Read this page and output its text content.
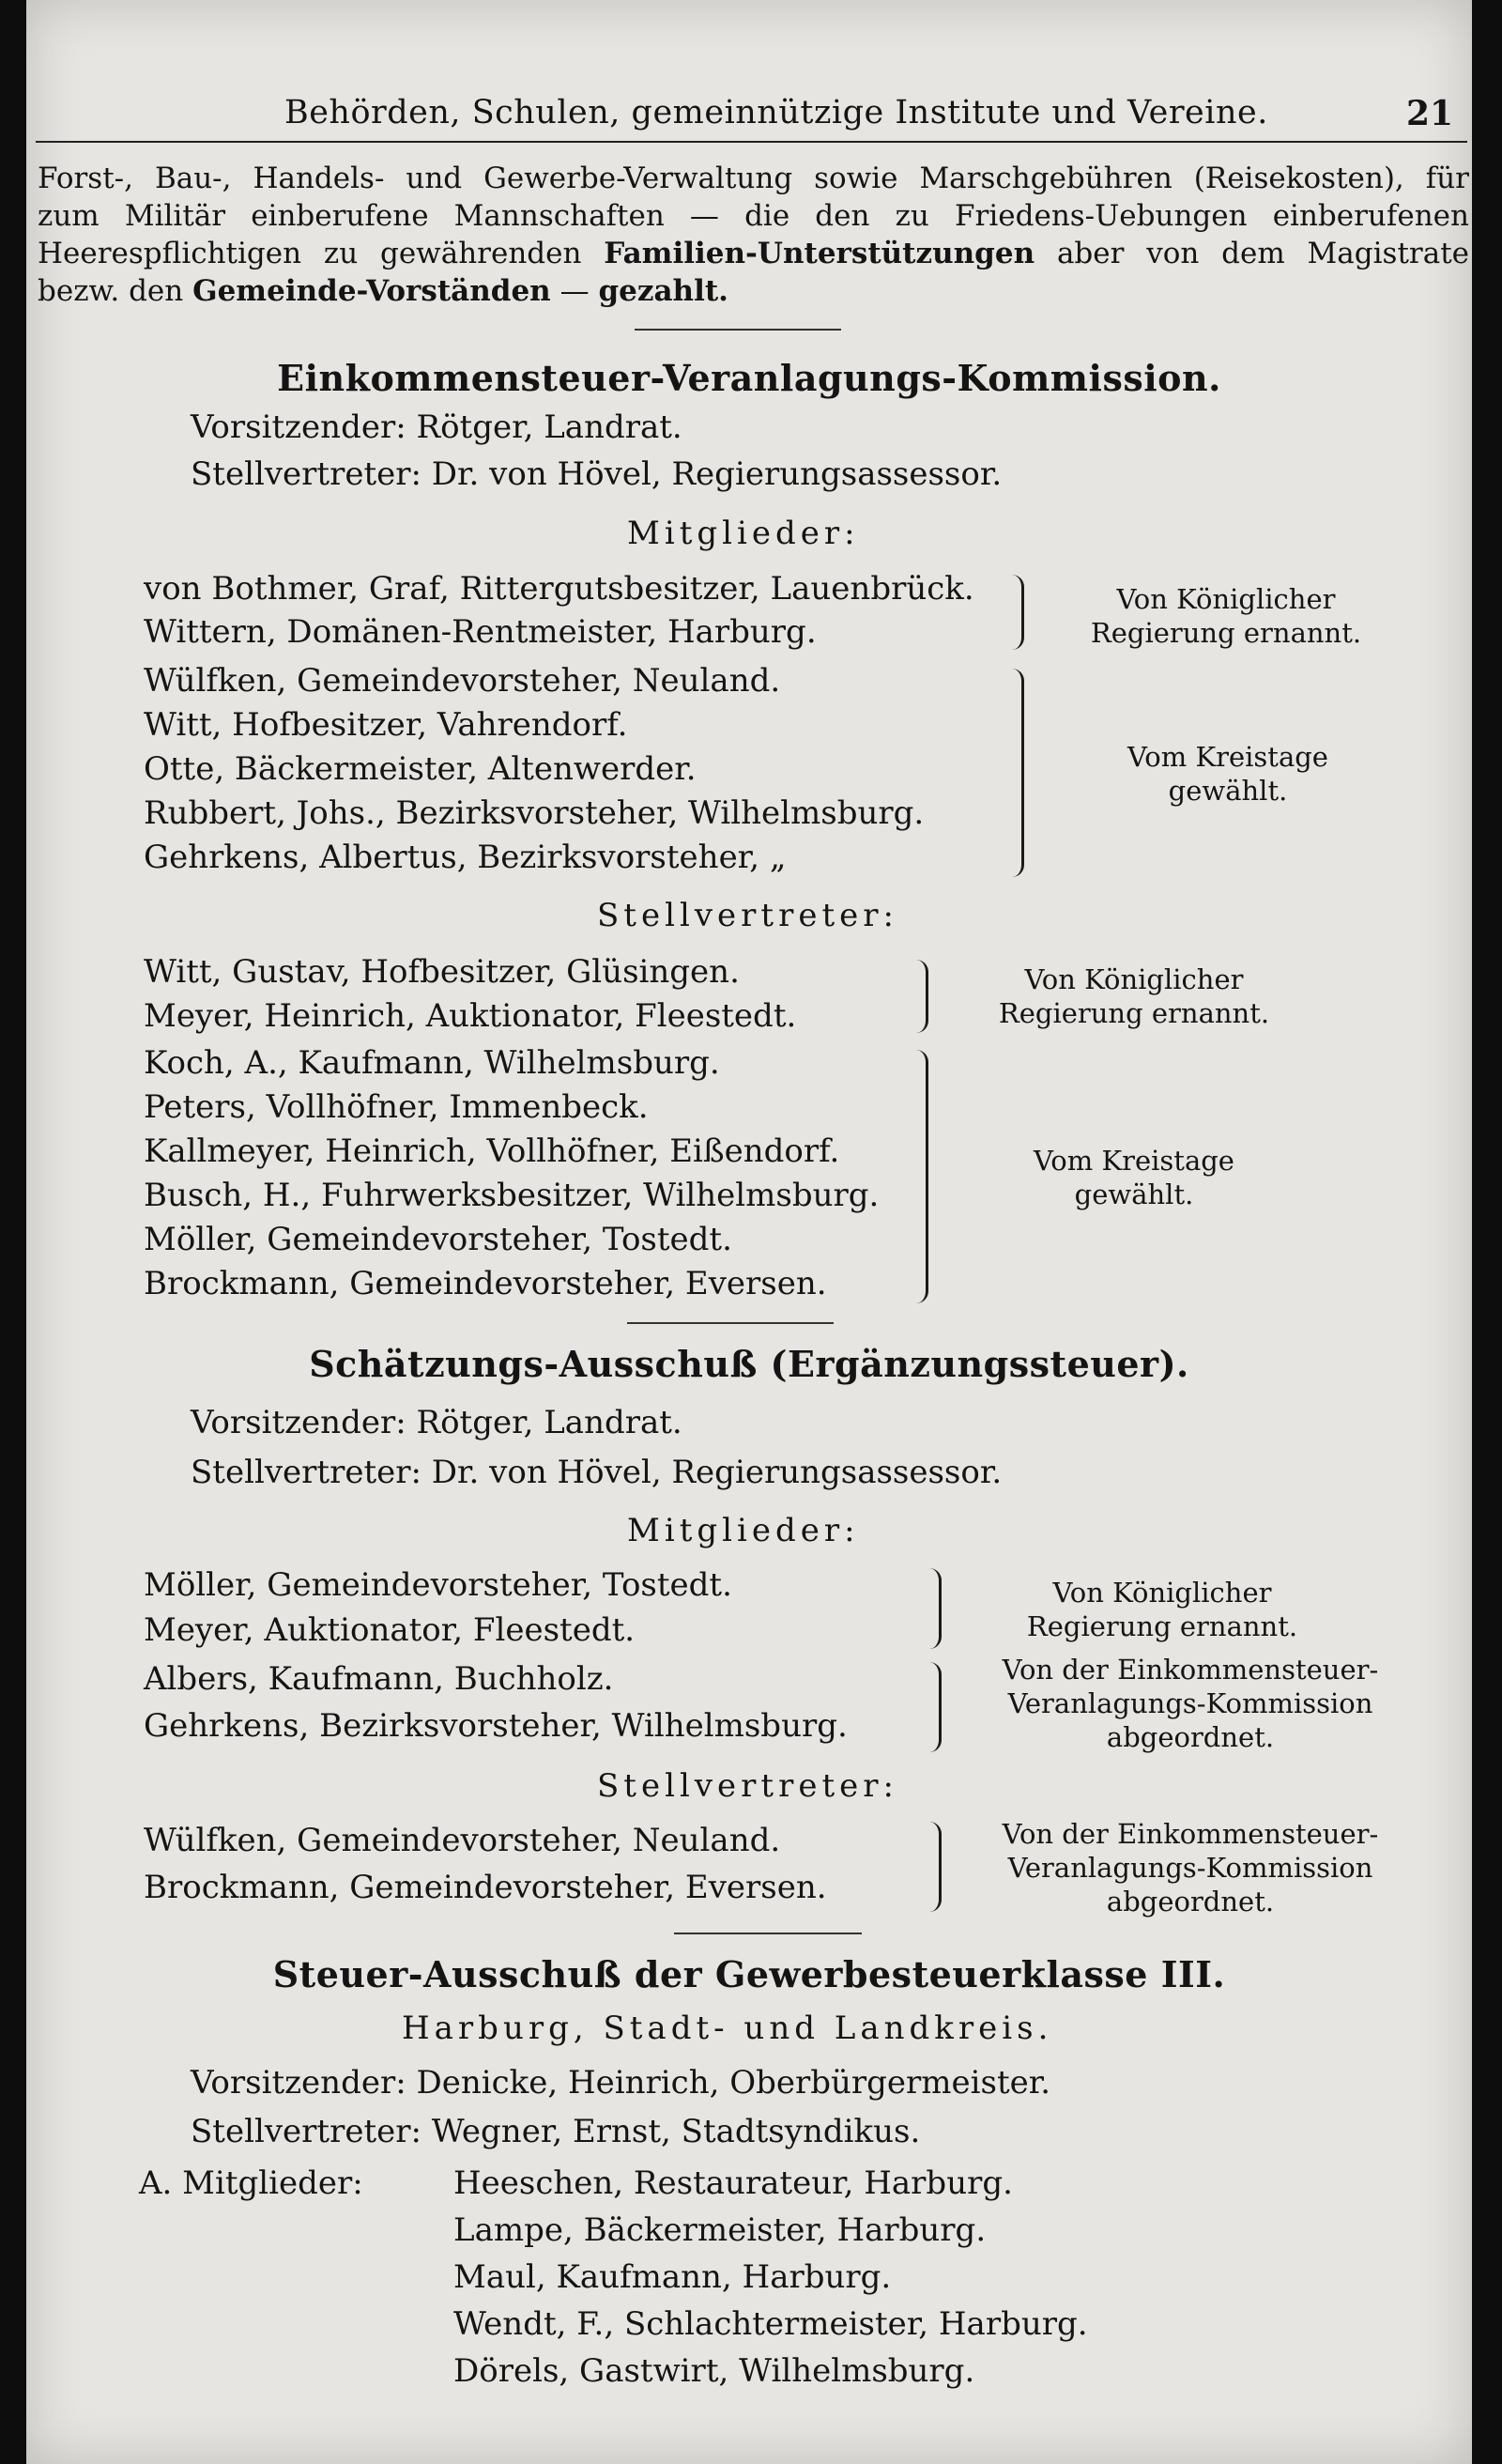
Behörden, Schulen, gemeinnützige Institute und Vereine.	21
Forst-, Bau-, Handels- und Gewerbe-Verwaltung sowie Marschgebühren (Reisekosten), für
zum Militär einberufene Mannschaften — die den zu Friedens-Uebungen einberufenen
Heerespflichtigen zu gewährenden Familien-Unterstützungen aber von dem Magistrate
bezw. den Gemeinde-Vorständen — gezahlt.
Einkommensteuer-Veranlagungs-Kommission.
Vorsitzender: Rötger, Landrat.
Stellvertreter: Dr. von Hövel, Regierungsassessor.
Mitglieder:
von Bothmer, Graf, Rittergutsbesitzer, Lauenbrück.
Wittern, Domänen-Rentmeister, Harburg.
Wülfken, Gemeindevorsteher, Neuland.
Witt, Hofbesitzer, Vahrendorf.
Otte, Bäckermeister, Altenwerder.
Rubbert, Johs., Bezirksvorsteher, Wilhelmsburg.
Gehrkens, Albertus, Bezirksvorsteher, „
Von Königlicher Regierung ernannt.
Vom Kreistage gewählt.
Stellvertreter:
Witt, Gustav, Hofbesitzer, Glüsingen.
Meyer, Heinrich, Auktionator, Fleestedt.
Koch, A., Kaufmann, Wilhelmsburg.
Peters, Vollhöfner, Immenbeck.
Kallmeyer, Heinrich, Vollhöfner, Eißendorf.
Busch, H., Fuhrwerksbesitzer, Wilhelmsburg.
Möller, Gemeindevorsteher, Tostedt.
Brockmann, Gemeindevorsteher, Eversen.
Von Königlicher Regierung ernannt.
Vom Kreistage gewählt.
Schätzungs-Ausschuß (Ergänzungssteuer).
Vorsitzender: Rötger, Landrat.
Stellvertreter: Dr. von Hövel, Regierungsassessor.
Mitglieder:
Möller, Gemeindevorsteher, Tostedt.
Meyer, Auktionator, Fleestedt.
Albers, Kaufmann, Buchholz.
Gehrkens, Bezirksvorsteher, Wilhelmsburg.
Von Königlicher Regierung ernannt.
Von der Einkommensteuer-Veranlagungs-Kommission abgeordnet.
Stellvertreter:
Wülfken, Gemeindevorsteher, Neuland.
Brockmann, Gemeindevorsteher, Eversen.
Von der Einkommensteuer-Veranlagungs-Kommission abgeordnet.
Steuer-Ausschuß der Gewerbesteuerklasse III.
Harburg, Stadt- und Landkreis.
Vorsitzender: Denicke, Heinrich, Oberbürgermeister.
Stellvertreter: Wegner, Ernst, Stadtsyndikus.
A. Mitglieder:	Heeschen, Restaurateur, Harburg.
Lampe, Bäckermeister, Harburg.
Maul, Kaufmann, Harburg.
Wendt, F., Schlachtermeister, Harburg.
Dörels, Gastwirt, Wilhelmsburg.
